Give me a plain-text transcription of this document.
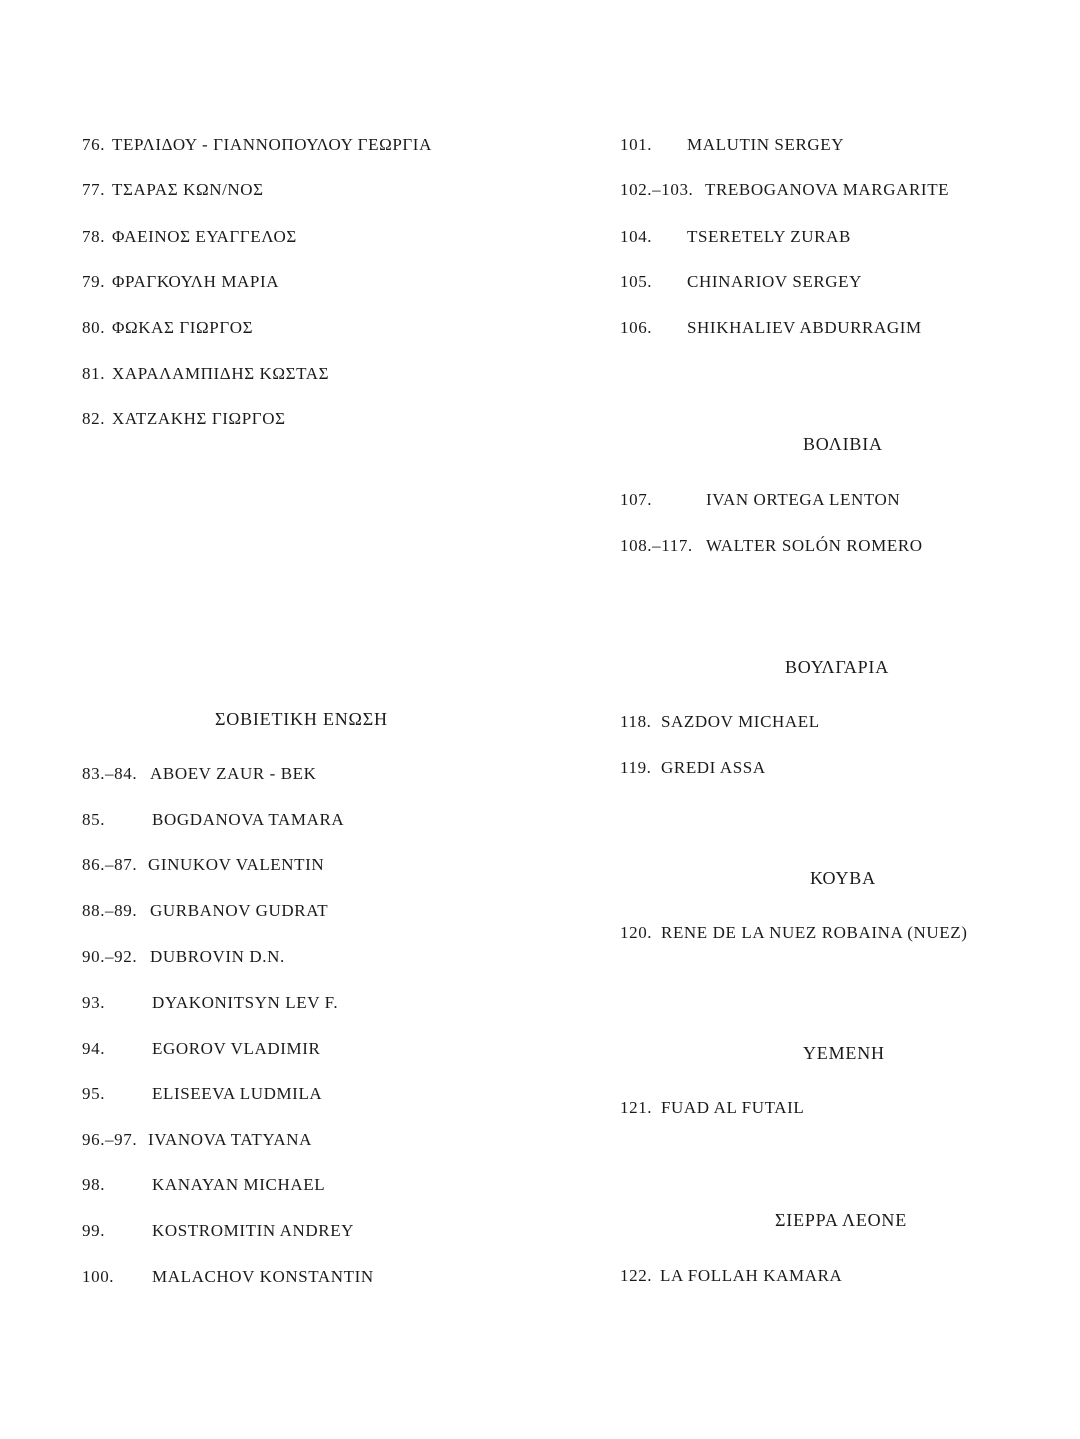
76. ΤΕΡΛΙΔΟΥ - ΓΙΑΝΝΟΠΟΥΛΟΥ ΓΕΩΡΓΙΑ
77. ΤΣΑΡΑΣ ΚΩΝ/ΝΟΣ
78. ΦΑΕΙΝΟΣ ΕΥΑΓΓΕΛΟΣ
79. ΦΡΑΓΚΟΥΛΗ ΜΑΡΙΑ
80. ΦΩΚΑΣ ΓΙΩΡΓΟΣ
81. ΧΑΡΑΛΑΜΠΙΔΗΣ ΚΩΣΤΑΣ
82. ΧΑΤΖΑΚΗΣ ΓΙΩΡΓΟΣ
ΣΟΒΙΕΤΙΚΗ ΕΝΩΣΗ
83.–84. ABOEV ZAUR - BEK
85.	BOGDANOVA TAMARA
86.–87. GINUKOV VALENTIN
88.–89. GURBANOV GUDRAT
90.–92. DUBROVIN D.N.
93.	DYAKONITSYN LEV F.
94.	EGOROV VLADIMIR
95.	ELISEEVA LUDMILA
96.–97. IVANOVA TATYANA
98.	KANAYAN MICHAEL
99.	KOSTROMITIN ANDREY
100. MALACHOV KONSTANTIN
101. MALUTIN SERGEY
102.–103. TREBOGANOVA MARGARITE
104. TSERETELY ZURAB
105. CHINARIOV SERGEY
106. SHIKHALIEV ABDURRAGIM
ΒΟΛΙΒΙΑ
107.	IVAN ORTEGA LENTON
108.–117. WALTER SOLÓN ROMERO
ΒΟΥΛΓΑΡΙΑ
118. SAZDOV MICHAEL
119. GREDI ASSA
ΚΟΥΒΑ
120. RENE DE LA NUEZ ROBAINA (NUEZ)
ΥΕΜΕΝΗ
121. FUAD AL FUTAIL
ΣΙΕΡΡΑ ΛΕΟΝΕ
122. LA FOLLAH KAMARA
